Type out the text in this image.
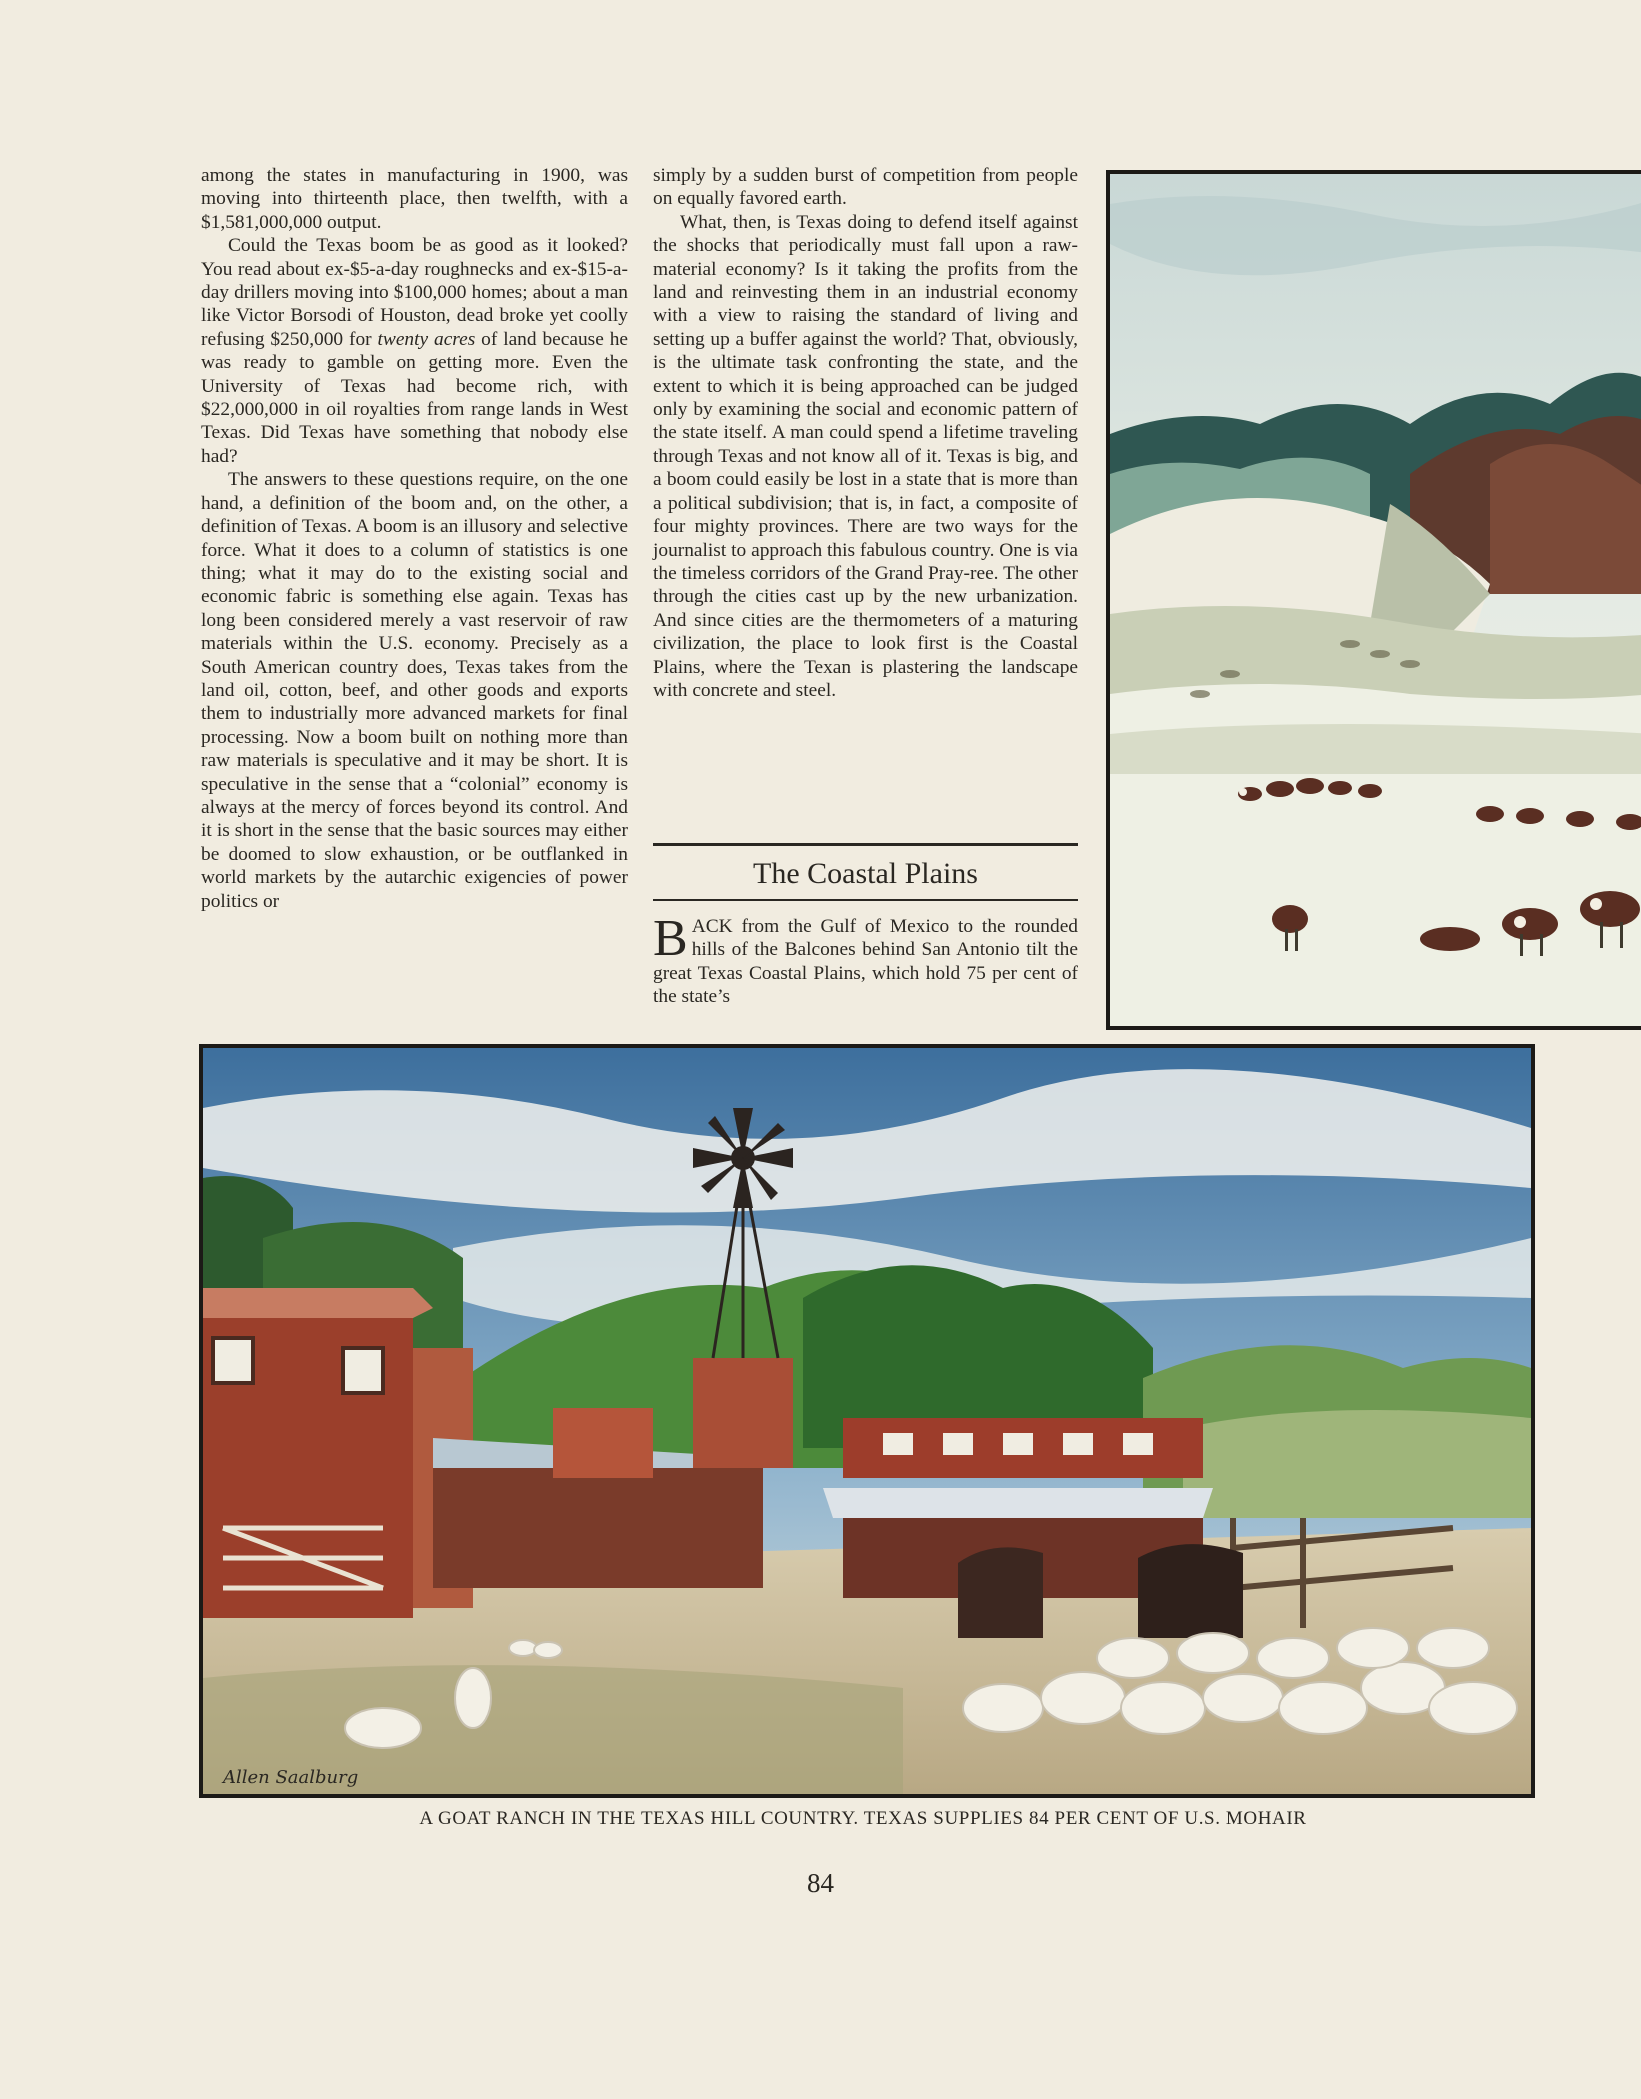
among the states in manufacturing in 1900, was moving into thirteenth place, then twelfth, with a $1,581,000,000 output.

Could the Texas boom be as good as it looked? You read about ex-$5-a-day roughnecks and ex-$15-a-day drillers moving into $100,000 homes; about a man like Victor Borsodi of Houston, dead broke yet coolly refusing $250,000 for twenty acres of land because he was ready to gamble on getting more. Even the University of Texas had become rich, with $22,000,000 in oil royalties from range lands in West Texas. Did Texas have something that nobody else had?

The answers to these questions require, on the one hand, a definition of the boom and, on the other, a definition of Texas. A boom is an illusory and selective force. What it does to a column of statistics is one thing; what it may do to the existing social and economic fabric is something else again. Texas has long been considered merely a vast reservoir of raw materials within the U.S. economy. Precisely as a South American country does, Texas takes from the land oil, cotton, beef, and other goods and exports them to industrially more advanced markets for final processing. Now a boom built on nothing more than raw materials is speculative and it may be short. It is speculative in the sense that a “colonial” economy is always at the mercy of forces beyond its control. And it is short in the sense that the basic sources may either be doomed to slow exhaustion, or be outflanked in world markets by the autarchic exigencies of power politics or

simply by a sudden burst of competition from people on equally favored earth.

What, then, is Texas doing to defend itself against the shocks that periodically must fall upon a raw-material economy? Is it taking the profits from the land and reinvesting them in an industrial economy with a view to raising the standard of living and setting up a buffer against the world? That, obviously, is the ultimate task confronting the state, and the extent to which it is being approached can be judged only by examining the social and economic pattern of the state itself. A man could spend a lifetime traveling through Texas and not know all of it. Texas is big, and a boom could easily be lost in a state that is more than a political subdivision; that is, in fact, a composite of four mighty provinces. There are two ways for the journalist to approach this fabulous country. One is via the timeless corridors of the Grand Pray-ree. The other through the cities cast up by the new urbanization. And since cities are the thermometers of a maturing civilization, the place to look first is the Coastal Plains, where the Texan is plastering the landscape with concrete and steel.

The Coastal Plains

BACK from the Gulf of Mexico to the rounded hills of the Balcones behind San Antonio tilt the great Texas Coastal Plains, which hold 75 per cent of the state’s

Allen Saalburg
A GOAT RANCH IN THE TEXAS HILL COUNTRY. TEXAS SUPPLIES 84 PER CENT OF U.S. MOHAIR
84
